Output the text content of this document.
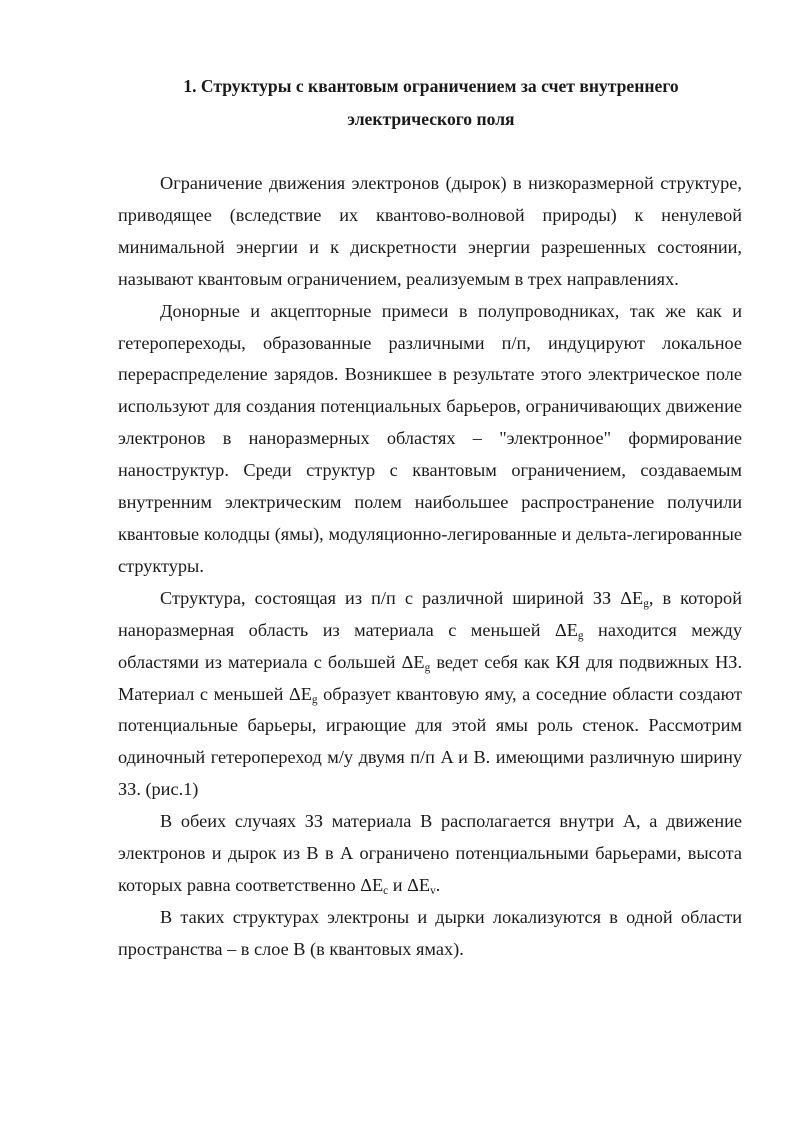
1. Структуры с квантовым ограничением за счет внутреннего
электрического поля

Ограничение движения электронов (дырок) в низкоразмерной структуре, приводящее (вследствие их квантово-волновой природы) к ненулевой минимальной энергии и к дискретности энергии разрешенных состоянии, называют квантовым ограничением, реализуемым в трех направлениях.

Донорные и акцепторные примеси в полупроводниках, так же как и гетеропереходы, образованные различными п/п, индуцируют локальное перераспределение зарядов. Возникшее в результате этого электрическое поле используют для создания потенциальных барьеров, ограничивающих движение электронов в наноразмерных областях – "электронное" формирование наноструктур. Среди структур с квантовым ограничением, создаваемым внутренним электрическим полем наибольшее распространение получили квантовые колодцы (ямы), модуляционно-легированные и дельта-легированные структуры.

Структура, состоящая из п/п с различной шириной ЗЗ $\Delta E_g$, в которой наноразмерная область из материала с меньшей $\Delta E_g$ находится между областями из материала с большей $\Delta E_g$ ведет себя как КЯ для подвижных НЗ. Материал с меньшей $\Delta E_g$ образует квантовую яму, а соседние области создают потенциальные барьеры, играющие для этой ямы роль стенок. Рассмотрим одиночный гетеропереход м/у двумя п/п A и B. имеющими различную ширину ЗЗ. (рис.1)

В обеих случаях ЗЗ материала B располагается внутри А, а движение электронов и дырок из B в А ограничено потенциальными барьерами, высота которых равна соответственно $\Delta E_c$ и $\Delta E_v$.

В таких структурах электроны и дырки локализуются в одной области пространства – в слое B (в квантовых ямах).
